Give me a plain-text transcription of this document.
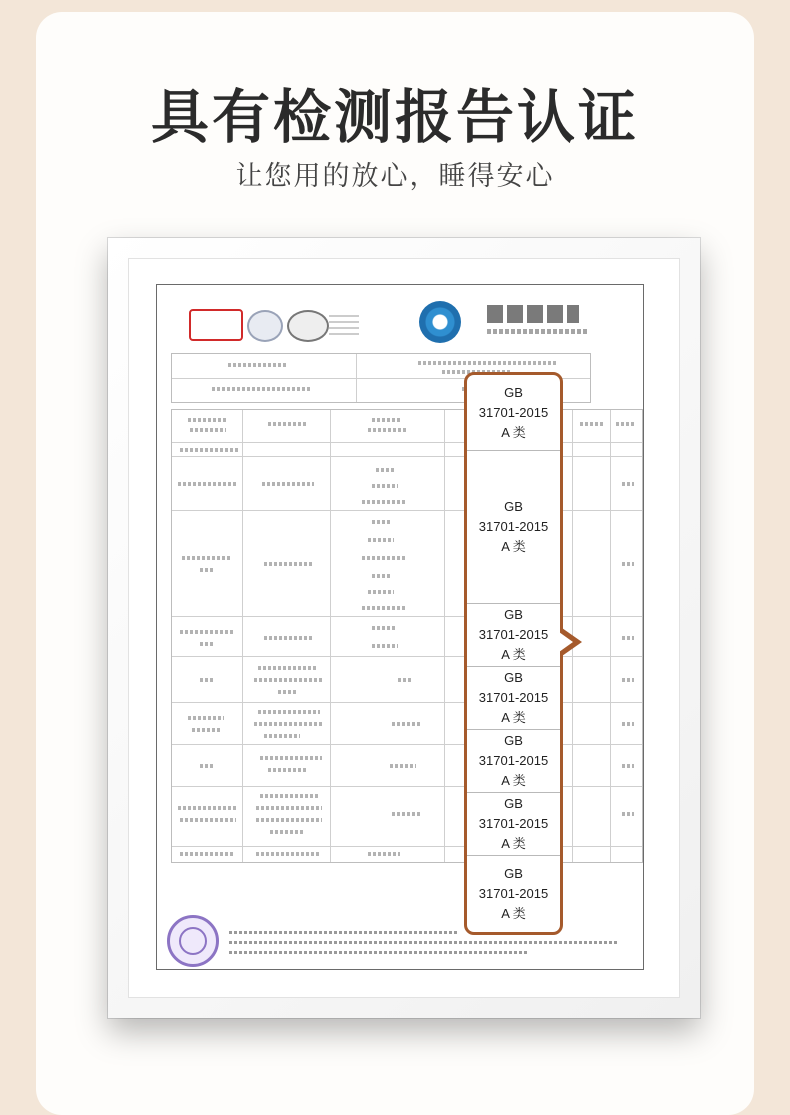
具有检测报告认证
让您用的放心，睡得安心
GB
31701-2015
A 类
GB
31701-2015
A 类
GB
31701-2015
A 类
GB
31701-2015
A 类
GB
31701-2015
A 类
GB
31701-2015
A 类
GB
31701-2015
A 类
